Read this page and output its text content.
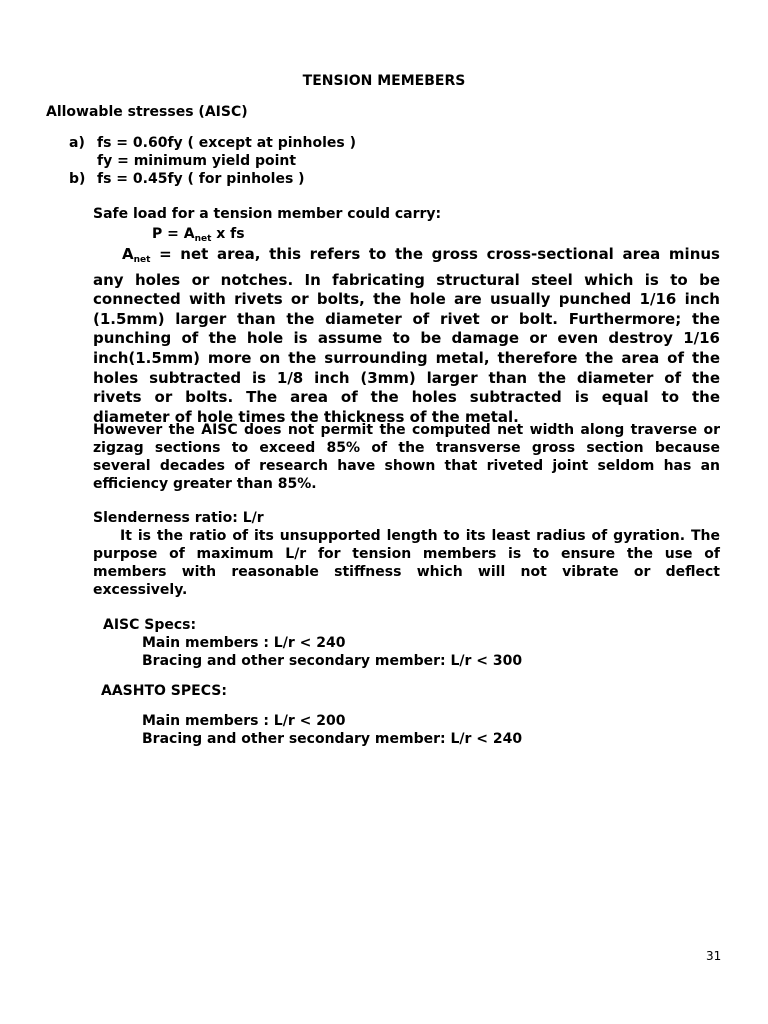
TENSION MEMEBERS
Allowable stresses (AISC)
a) fs = 0.60fy ( except at pinholes )
fy = minimum yield point
b) fs = 0.45fy ( for pinholes )
Safe load for a tension member could carry:
$P = A_{net}$ x fs
$A_{net}$ = net area, this refers to the gross cross-sectional area minus
any holes or notches. In fabricating structural steel which is to be
connected with rivets or bolts, the hole are usually punched 1/16 inch
(1.5mm) larger than the diameter of rivet or bolt. Furthermore; the
punching of the hole is assume to be damage or even destroy 1/16
inch(1.5mm) more on the surrounding metal, therefore the area of the
holes subtracted is 1/8 inch (3mm) larger than the diameter of the
rivets or bolts. The area of the holes subtracted is equal to the
diameter of hole times the thickness of the metal.
However the AISC does not permit the computed net width along traverse or
zigzag sections to exceed 85% of the transverse gross section because
several decades of research have shown that riveted joint seldom has an
efficiency greater than 85%.
Slenderness ratio: L/r
It is the ratio of its unsupported length to its least radius of gyration. The
purpose of maximum L/r for tension members is to ensure the use of
members with reasonable stiffness which will not vibrate or deflect
excessively.
AISC Specs:
Main members : L/r < 240
Bracing and other secondary member: L/r < 300
AASHTO SPECS:
Main members : L/r < 200
Bracing and other secondary member: L/r < 240
31
